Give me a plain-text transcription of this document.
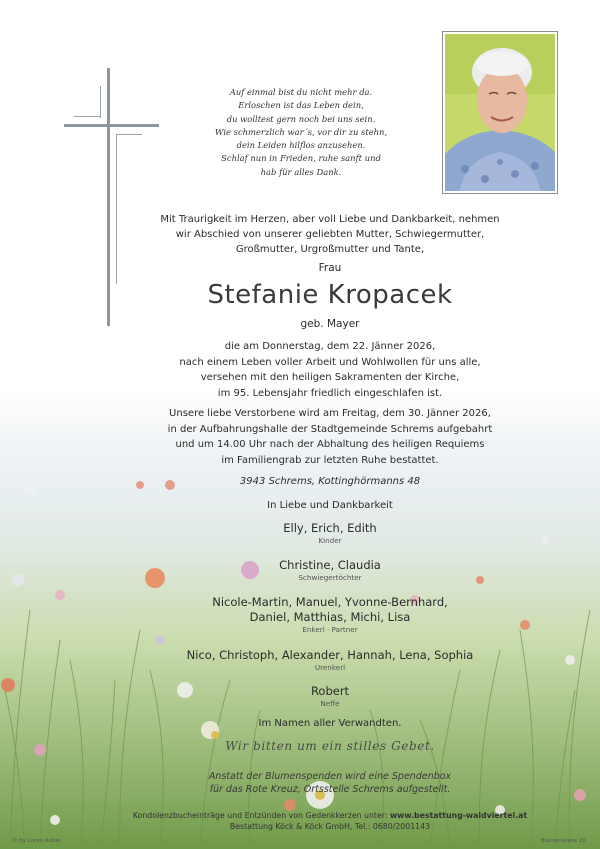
Auf einmal bist du nicht mehr da.
Erloschen ist das Leben dein,
du wolltest gern noch bei uns sein.
Wie schmerzlich war´s, vor dir zu stehn,
dein Leiden hilflos anzusehen.
Schlaf nun in Frieden, ruhe sanft und
hab für alles Dank.
Mit Traurigkeit im Herzen, aber voll Liebe und Dankbarkeit, nehmen
wir Abschied von unserer geliebten Mutter, Schwiegermutter,
Großmutter, Urgroßmutter und Tante,
Frau
Stefanie Kropacek
geb. Mayer
die am Donnerstag, dem 22. Jänner 2026,
nach einem Leben voller Arbeit und Wohlwollen für uns alle,
versehen mit den heiligen Sakramenten der Kirche,
im 95. Lebensjahr friedlich eingeschlafen ist.
Unsere liebe Verstorbene wird am Freitag, dem 30. Jänner 2026,
in der Aufbahrungshalle der Stadtgemeinde Schrems aufgebahrt
und um 14.00 Uhr nach der Abhaltung des heiligen Requiems
im Familiengrab zur letzten Ruhe bestattet.
3943 Schrems, Kottinghörmanns 48
In Liebe und Dankbarkeit
Elly, Erich, Edith
Kinder
Christine, Claudia
Schwiegertöchter
Nicole-Martin, Manuel, Yvonne-Bernhard,
Daniel, Matthias, Michi, Lisa
Enkerl · Partner
Nico, Christoph, Alexander, Hannah, Lena, Sophia
Urenkerl
Robert
Neffe
Im Namen aller Verwandten.
Wir bitten um ein stilles Gebet.
Anstatt der Blumenspenden wird eine Spendenbox
für das Rote Kreuz, Ortsstelle Schrems aufgestellt.
Kondolenzbucheinträge und Entzünden von Gedenkkerzen unter: www.bestattung-waldviertel.at
Bestattung Köck & Köck GmbH, Tel.: 0680/2001143
© by Loren Auber	Blumenwiese 20
